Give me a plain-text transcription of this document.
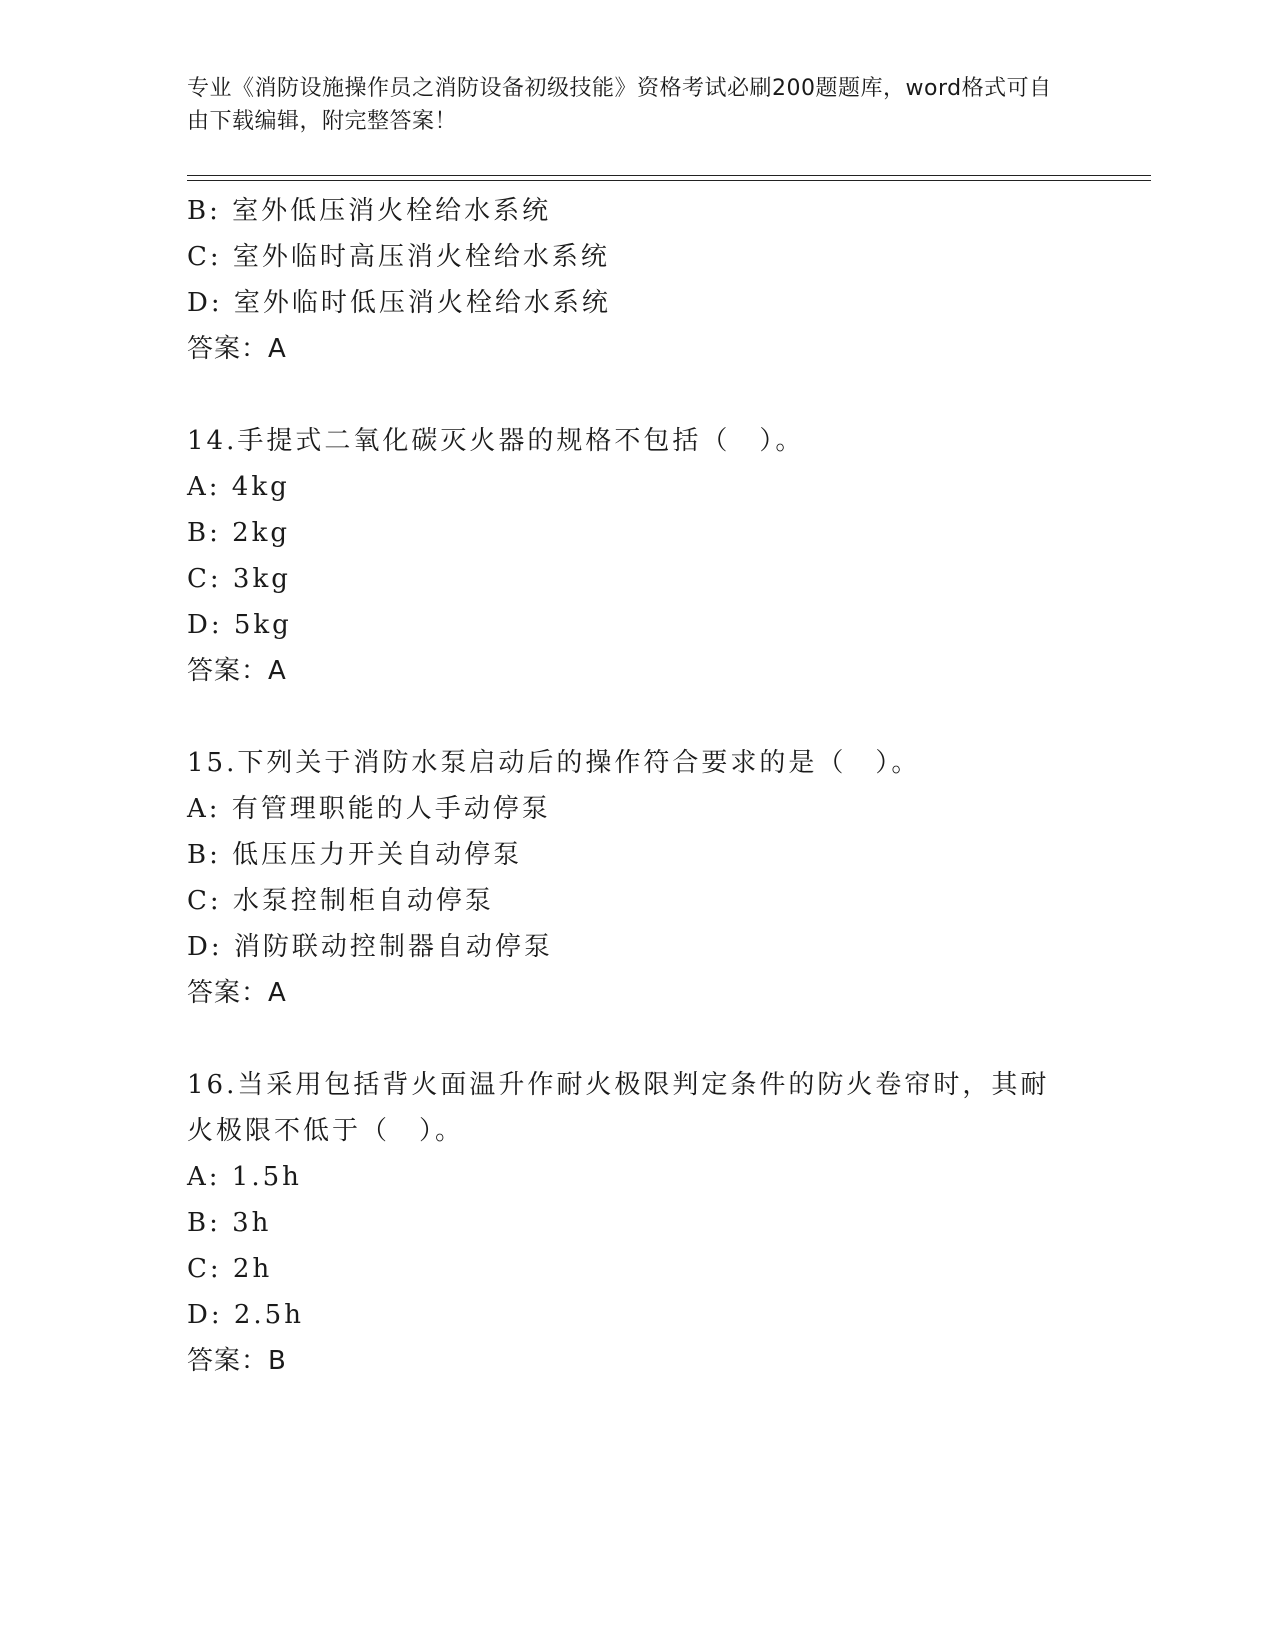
专业《消防设施操作员之消防设备初级技能》资格考试必刷200题题库，word格式可自由下载编辑，附完整答案！
B: 室外低压消火栓给水系统
C: 室外临时高压消火栓给水系统
D: 室外临时低压消火栓给水系统
答案：A
14.手提式二氧化碳灭火器的规格不包括（　）。
A: 4kg
B: 2kg
C: 3kg
D: 5kg
答案：A
15.下列关于消防水泵启动后的操作符合要求的是（　）。
A: 有管理职能的人手动停泵
B: 低压压力开关自动停泵
C: 水泵控制柜自动停泵
D: 消防联动控制器自动停泵
答案：A
16.当采用包括背火面温升作耐火极限判定条件的防火卷帘时，其耐火极限不低于（　）。
A: 1.5h
B: 3h
C: 2h
D: 2.5h
答案：B
